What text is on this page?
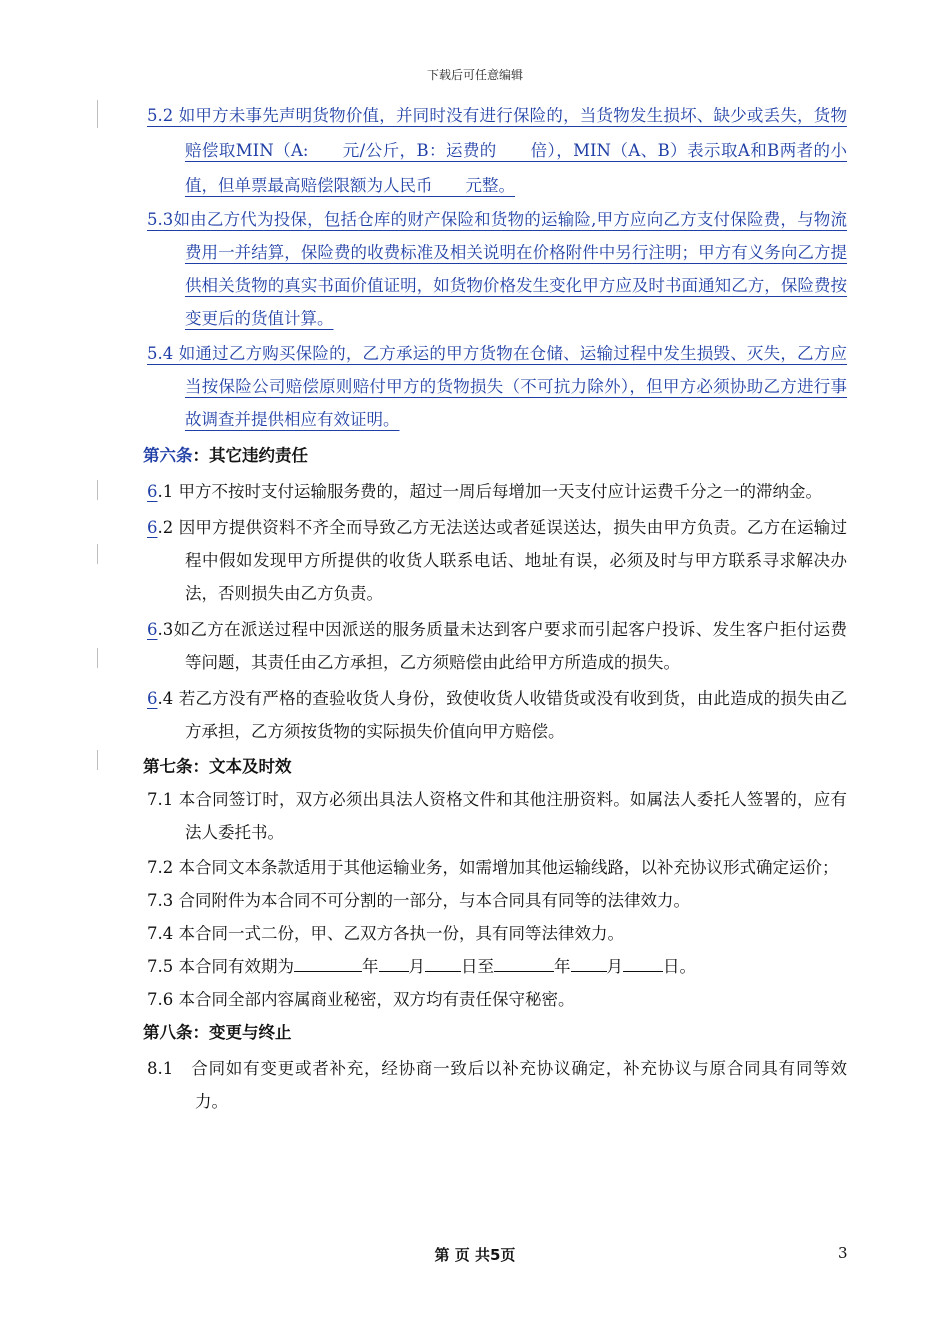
下载后可任意编辑
5.2 如甲方未事先声明货物价值，并同时没有进行保险的，当货物发生损坏、缺少或丢失，货物赔偿取MIN（A:　　元/公斤，B：运费的　　倍），MIN（A、B）表示取A和B两者的小值，但单票最高赔偿限额为人民币　　元整。
5.3如由乙方代为投保，包括仓库的财产保险和货物的运输险,甲方应向乙方支付保险费，与物流费用一并结算，保险费的收费标准及相关说明在价格附件中另行注明；甲方有义务向乙方提供相关货物的真实书面价值证明，如货物价格发生变化甲方应及时书面通知乙方，保险费按变更后的货值计算。
5.4 如通过乙方购买保险的，乙方承运的甲方货物在仓储、运输过程中发生损毁、灭失，乙方应当按保险公司赔偿原则赔付甲方的货物损失（不可抗力除外），但甲方必须协助乙方进行事故调查并提供相应有效证明。
第六条：其它违约责任
6.1 甲方不按时支付运输服务费的，超过一周后每增加一天支付应计运费千分之一的滞纳金。
6.2 因甲方提供资料不齐全而导致乙方无法送达或者延误送达，损失由甲方负责。乙方在运输过程中假如发现甲方所提供的收货人联系电话、地址有误，必须及时与甲方联系寻求解决办法，否则损失由乙方负责。
6.3如乙方在派送过程中因派送的服务质量未达到客户要求而引起客户投诉、发生客户拒付运费等问题，其责任由乙方承担，乙方须赔偿由此给甲方所造成的损失。
6.4 若乙方没有严格的查验收货人身份，致使收货人收错货或没有收到货，由此造成的损失由乙方承担，乙方须按货物的实际损失价值向甲方赔偿。
第七条：文本及时效
7.1 本合同签订时，双方必须出具法人资格文件和其他注册资料。如属法人委托人签署的，应有法人委托书。
7.2 本合同文本条款适用于其他运输业务，如需增加其他运输线路，以补充协议形式确定运价；
7.3 合同附件为本合同不可分割的一部分，与本合同具有同等的法律效力。
7.4 本合同一式二份，甲、乙双方各执一份，具有同等法律效力。
7.5 本合同有效期为	年 月 日至	年 月 日。
7.6 本合同全部内容属商业秘密，双方均有责任保守秘密。
第八条：变更与终止
8.1　合同如有变更或者补充，经协商一致后以补充协议确定，补充协议与原合同具有同等效力。
第 页 共5页	3
